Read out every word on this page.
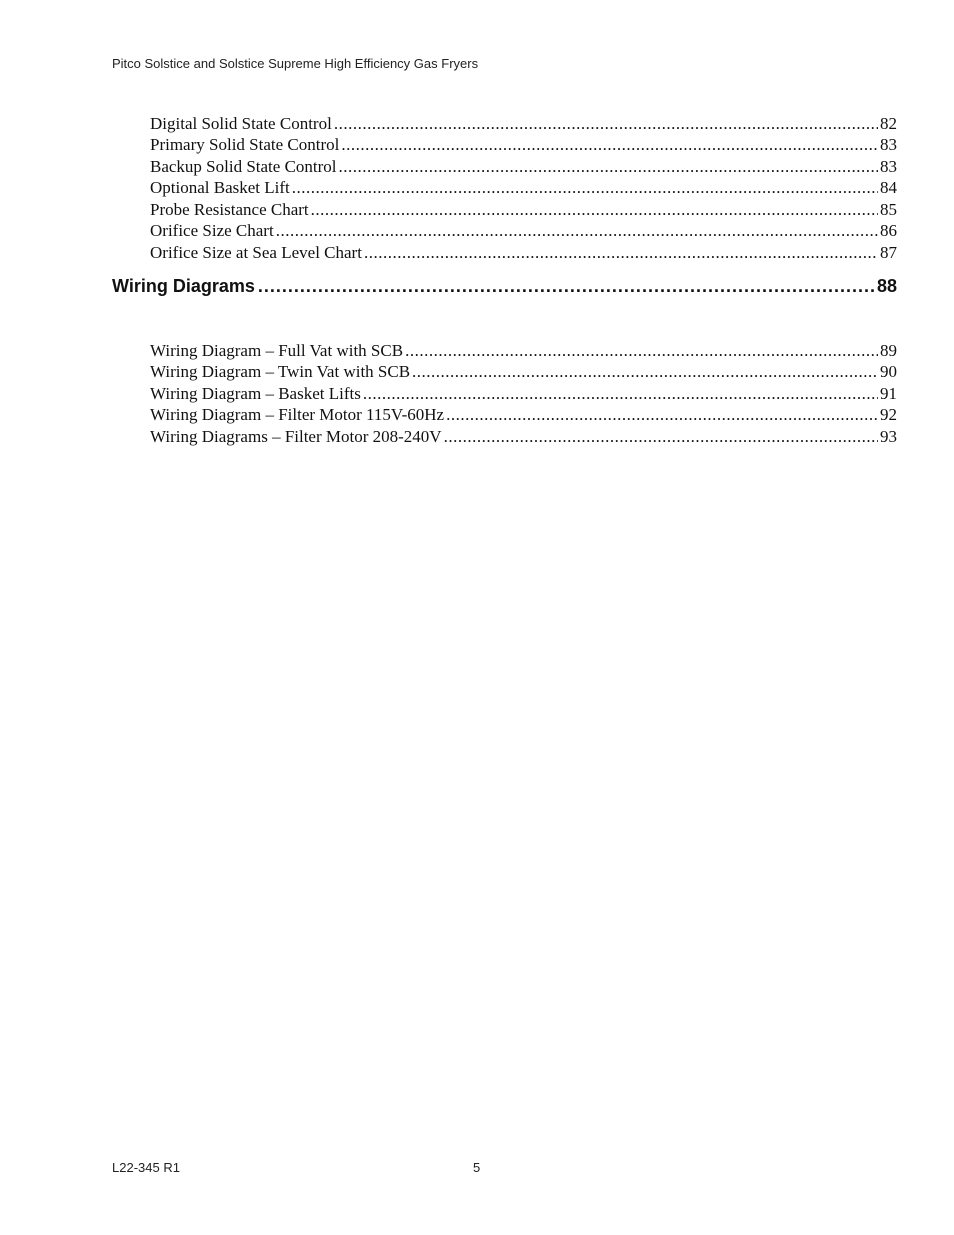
Pitco Solstice and Solstice Supreme High Efficiency Gas Fryers
Digital Solid State Control .....	82
Primary Solid State Control .....	83
Backup Solid State Control .....	83
Optional Basket Lift .....	84
Probe Resistance Chart .....	85
Orifice Size Chart .....	86
Orifice Size at Sea Level Chart .....	87
Wiring Diagrams .....	88
Wiring Diagram – Full Vat with SCB .....	89
Wiring Diagram – Twin Vat with SCB .....	90
Wiring Diagram – Basket Lifts .....	91
Wiring Diagram – Filter Motor 115V-60Hz .....	92
Wiring Diagrams – Filter Motor 208-240V .....	93
L22-345 R1	5
